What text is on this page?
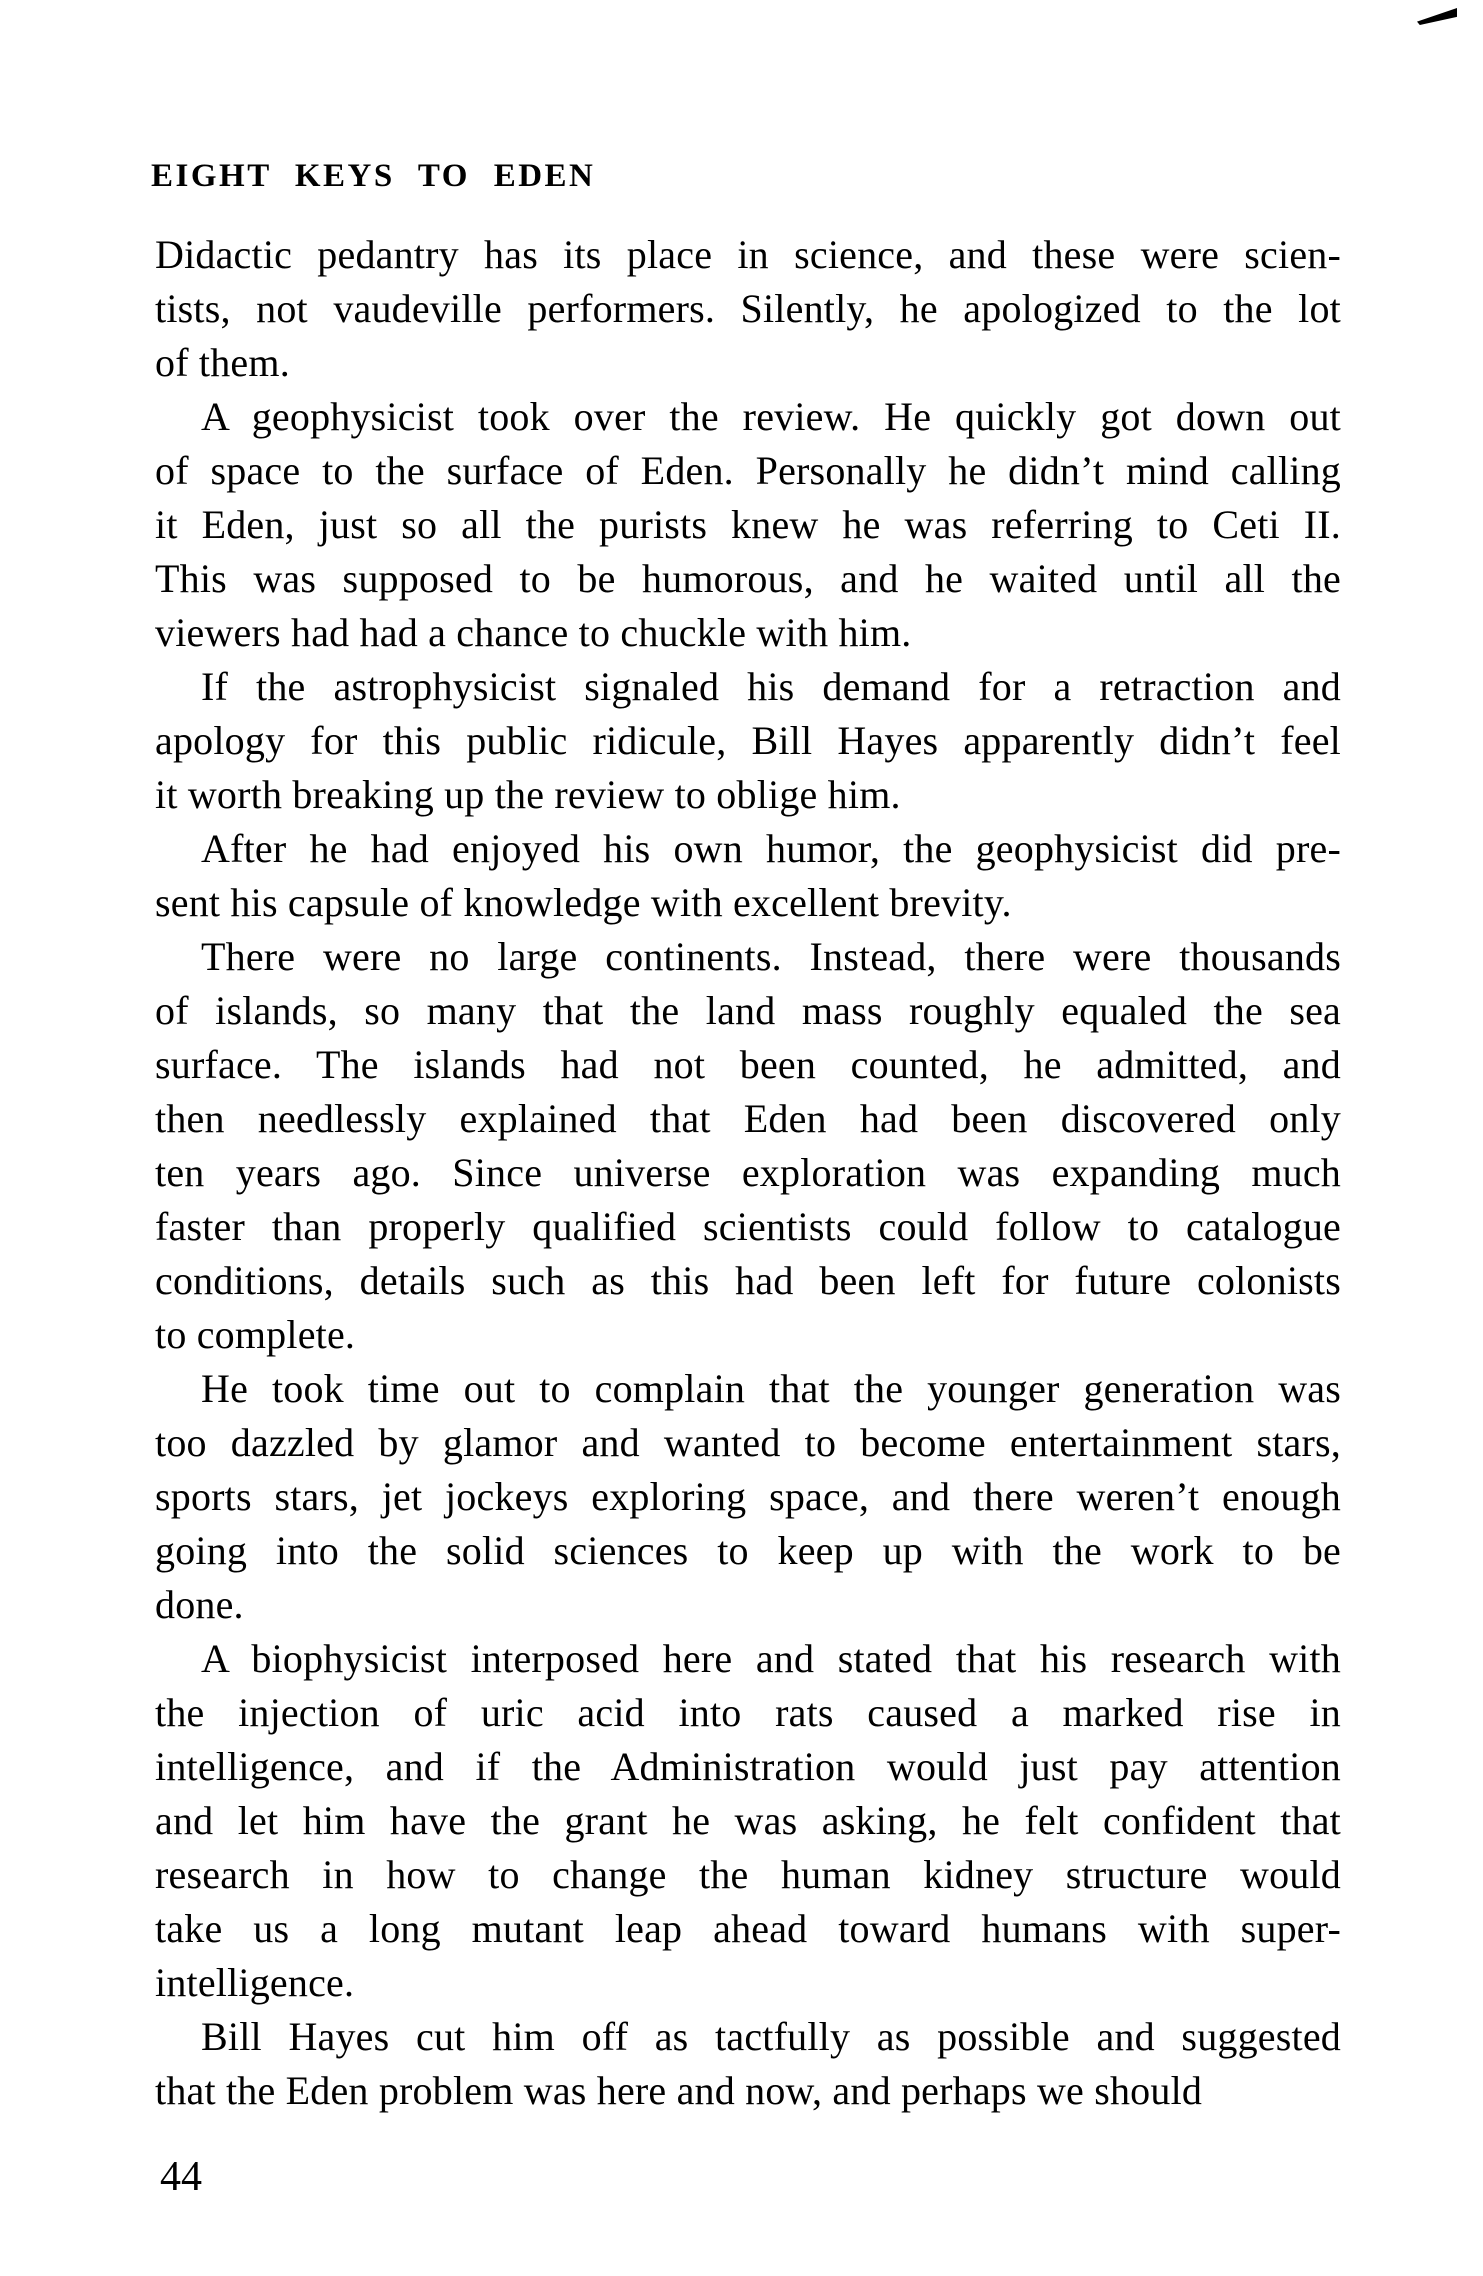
EIGHT KEYS TO EDEN
Didactic pedantry has its place in science, and these were scien-
tists, not vaudeville performers. Silently, he apologized to the lot
of them.
A geophysicist took over the review. He quickly got down out
of space to the surface of Eden. Personally he didn’t mind calling
it Eden, just so all the purists knew he was referring to Ceti II.
This was supposed to be humorous, and he waited until all the
viewers had had a chance to chuckle with him.
If the astrophysicist signaled his demand for a retraction and
apology for this public ridicule, Bill Hayes apparently didn’t feel
it worth breaking up the review to oblige him.
After he had enjoyed his own humor, the geophysicist did pre-
sent his capsule of knowledge with excellent brevity.
There were no large continents. Instead, there were thousands
of islands, so many that the land mass roughly equaled the sea
surface. The islands had not been counted, he admitted, and
then needlessly explained that Eden had been discovered only
ten years ago. Since universe exploration was expanding much
faster than properly qualified scientists could follow to catalogue
conditions, details such as this had been left for future colonists
to complete.
He took time out to complain that the younger generation was
too dazzled by glamor and wanted to become entertainment stars,
sports stars, jet jockeys exploring space, and there weren’t enough
going into the solid sciences to keep up with the work to be
done.
A biophysicist interposed here and stated that his research with
the injection of uric acid into rats caused a marked rise in
intelligence, and if the Administration would just pay attention
and let him have the grant he was asking, he felt confident that
research in how to change the human kidney structure would
take us a long mutant leap ahead toward humans with super-
intelligence.
Bill Hayes cut him off as tactfully as possible and suggested
that the Eden problem was here and now, and perhaps we should
44
